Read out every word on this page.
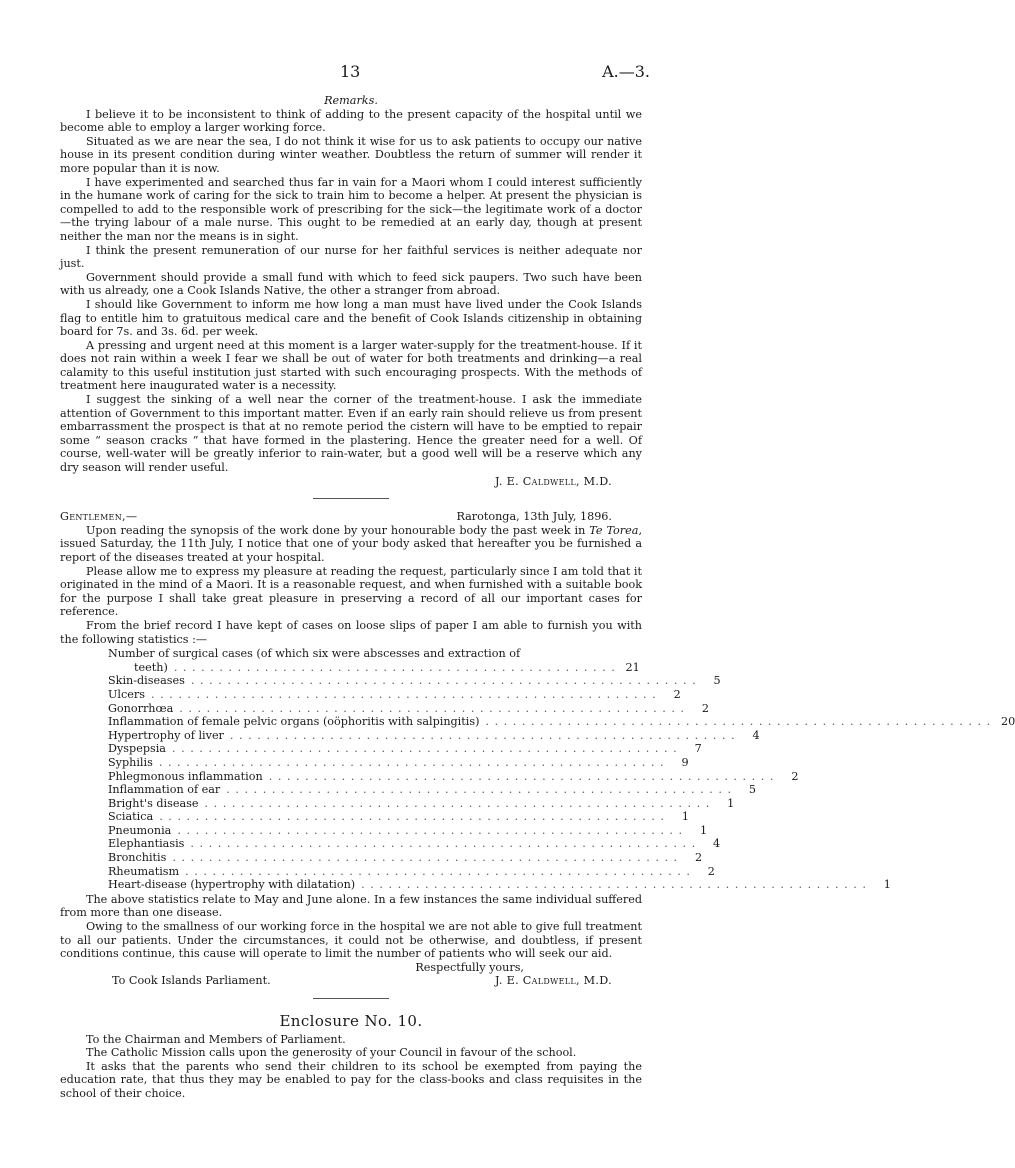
13	A.—3.

Remarks.

I believe it to be inconsistent to think of adding to the present capacity of the hospital until we become able to employ a larger working force.

Situated as we are near the sea, I do not think it wise for us to ask patients to occupy our native house in its present condition during winter weather. Doubtless the return of summer will render it more popular than it is now.

I have experimented and searched thus far in vain for a Maori whom I could interest sufficiently in the humane work of caring for the sick to train him to become a helper. At present the physician is compelled to add to the responsible work of prescribing for the sick—the legitimate work of a doctor—the trying labour of a male nurse. This ought to be remedied at an early day, though at present neither the man nor the means is in sight.

I think the present remuneration of our nurse for her faithful services is neither adequate nor just.

Government should provide a small fund with which to feed sick paupers. Two such have been with us already, one a Cook Islands Native, the other a stranger from abroad.

I should like Government to inform me how long a man must have lived under the Cook Islands flag to entitle him to gratuitous medical care and the benefit of Cook Islands citizenship in obtaining board for 7s. and 3s. 6d. per week.

A pressing and urgent need at this moment is a larger water-supply for the treatment-house. If it does not rain within a week I fear we shall be out of water for both treatments and drinking—a real calamity to this useful institution just started with such encouraging prospects. With the methods of treatment here inaugurated water is a necessity.

I suggest the sinking of a well near the corner of the treatment-house. I ask the immediate attention of Government to this important matter. Even if an early rain should relieve us from present embarrassment the prospect is that at no remote period the cistern will have to be emptied to repair some “ season cracks ” that have formed in the plastering. Hence the greater need for a well. Of course, well-water will be greatly inferior to rain-water, but a good well will be a reserve which any dry season will render useful.

J. E. Caldwell, M.D.
Gentlemen,—	Rarotonga, 13th July, 1896.

Upon reading the synopsis of the work done by your honourable body the past week in Te Torea, issued Saturday, the 11th July, I notice that one of your body asked that hereafter you be furnished a report of the diseases treated at your hospital.

Please allow me to express my pleasure at reading the request, particularly since I am told that it originated in the mind of a Maori. It is a reasonable request, and when furnished with a suitable book for the purpose I shall take great pleasure in preserving a record of all our important cases for reference.

From the brief record I have kept of cases on loose slips of paper I am able to furnish you with the following statistics :—

Number of surgical cases (of which six were abscesses and extraction of
teeth) . . . . . . . . . . . . . . . . . . . . . . . . . . . . . . . . . . . . . . . . . . . . . . . . . 21
Skin-diseases . . . . . . . . . . . . . . . . . . . . . . . . . . . . . . . . . . . . . . . . . . . . . . . . . . . . . . . .	5
Ulcers . . . . . . . . . . . . . . . . . . . . . . . . . . . . . . . . . . . . . . . . . . . . . . . . . . . . . . . .	2
Gonorrhœa . . . . . . . . . . . . . . . . . . . . . . . . . . . . . . . . . . . . . . . . . . . . . . . . . . . . . . . .	2
Inflammation of female pelvic organs (oöphoritis with salpingitis) . . . . . . . . . . . . . . . . . . . . . . . . . . . . . . . . . . . . . . . . . . . . . . . . . . . . . . . . 20
Hypertrophy of liver . . . . . . . . . . . . . . . . . . . . . . . . . . . . . . . . . . . . . . . . . . . . . . . . . . . . . . . .	4
Dyspepsia . . . . . . . . . . . . . . . . . . . . . . . . . . . . . . . . . . . . . . . . . . . . . . . . . . . . . . . .	7
Syphilis . . . . . . . . . . . . . . . . . . . . . . . . . . . . . . . . . . . . . . . . . . . . . . . . . . . . . . . .	9
Phlegmonous inflammation . . . . . . . . . . . . . . . . . . . . . . . . . . . . . . . . . . . . . . . . . . . . . . . . . . . . . . . .	2
Inflammation of ear . . . . . . . . . . . . . . . . . . . . . . . . . . . . . . . . . . . . . . . . . . . . . . . . . . . . . . . .	5
Bright's disease . . . . . . . . . . . . . . . . . . . . . . . . . . . . . . . . . . . . . . . . . . . . . . . . . . . . . . . .	1
Sciatica . . . . . . . . . . . . . . . . . . . . . . . . . . . . . . . . . . . . . . . . . . . . . . . . . . . . . . . .	1
Pneumonia . . . . . . . . . . . . . . . . . . . . . . . . . . . . . . . . . . . . . . . . . . . . . . . . . . . . . . . .	1
Elephantiasis . . . . . . . . . . . . . . . . . . . . . . . . . . . . . . . . . . . . . . . . . . . . . . . . . . . . . . . .	4
Bronchitis . . . . . . . . . . . . . . . . . . . . . . . . . . . . . . . . . . . . . . . . . . . . . . . . . . . . . . . .	2
Rheumatism . . . . . . . . . . . . . . . . . . . . . . . . . . . . . . . . . . . . . . . . . . . . . . . . . . . . . . . .	2
Heart-disease (hypertrophy with dilatation) . . . . . . . . . . . . . . . . . . . . . . . . . . . . . . . . . . . . . . . . . . . . . . . . . . . . . . . .	1

The above statistics relate to May and June alone. In a few instances the same individual suffered from more than one disease.

Owing to the smallness of our working force in the hospital we are not able to give full treatment to all our patients. Under the circumstances, it could not be otherwise, and doubtless, if present conditions continue, this cause will operate to limit the number of patients who will seek our aid.

Respectfully yours,
To Cook Islands Parliament.	J. E. Caldwell, M.D.
Enclosure No. 10.

To the Chairman and Members of Parliament.

The Catholic Mission calls upon the generosity of your Council in favour of the school.

It asks that the parents who send their children to its school be exempted from paying the education rate, that thus they may be enabled to pay for the class-books and class requisites in the school of their choice.
